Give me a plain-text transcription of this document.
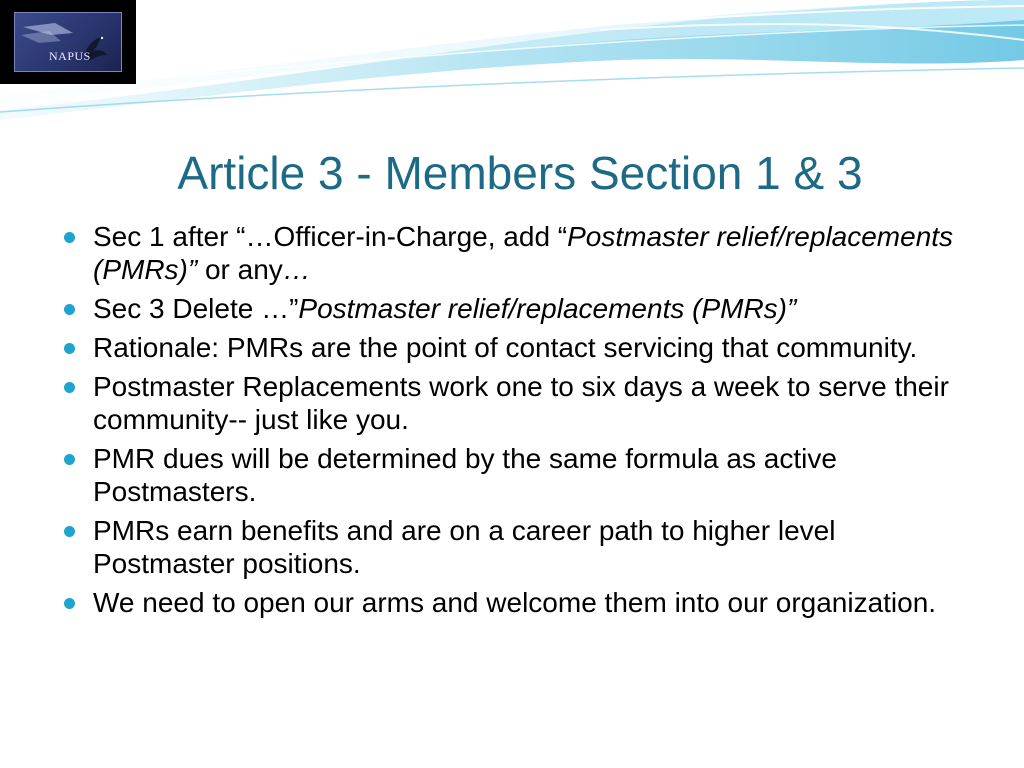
NAPUS
Article 3 - Members Section 1 & 3
Sec 1 after “…Officer-in-Charge, add “Postmaster relief/replacements (PMRs)” or any…
Sec 3 Delete …”Postmaster relief/replacements (PMRs)”
Rationale: PMRs are the point of contact servicing that community.
Postmaster Replacements work one to six days a week to serve their community-- just like you.
PMR dues will be determined by the same formula as active Postmasters.
PMRs earn benefits and are on a career path to higher level Postmaster positions.
We need to open our arms and welcome them into our organization.
